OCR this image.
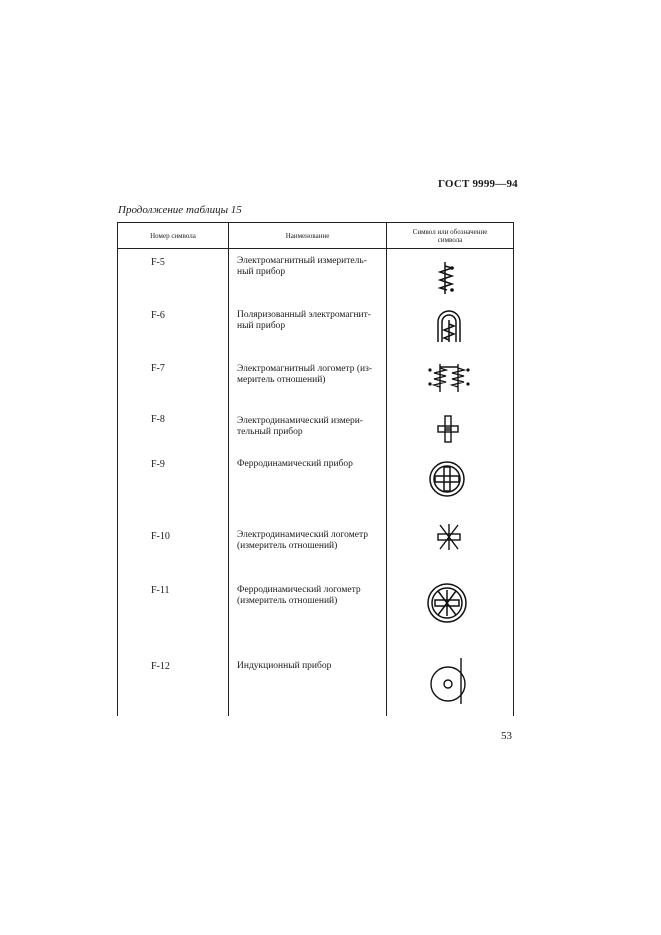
ГОСТ 9999—94
Продолжение таблицы 15
Номер символа	Наименование	Символ или обозначение символа
F-5	Электромагнитный измеритель-ный прибор
F-6	Поляризованный электромагнит-ный прибор
F-7	Электромагнитный логометр (из-меритель отношений)
F-8	Электродинамический измери-тельный прибор
F-9	Ферродинамический прибор
F-10	Электродинамический логометр (измеритель отношений)
F-11	Ферродинамический логометр (измеритель отношений)
F-12	Индукционный прибор
53
